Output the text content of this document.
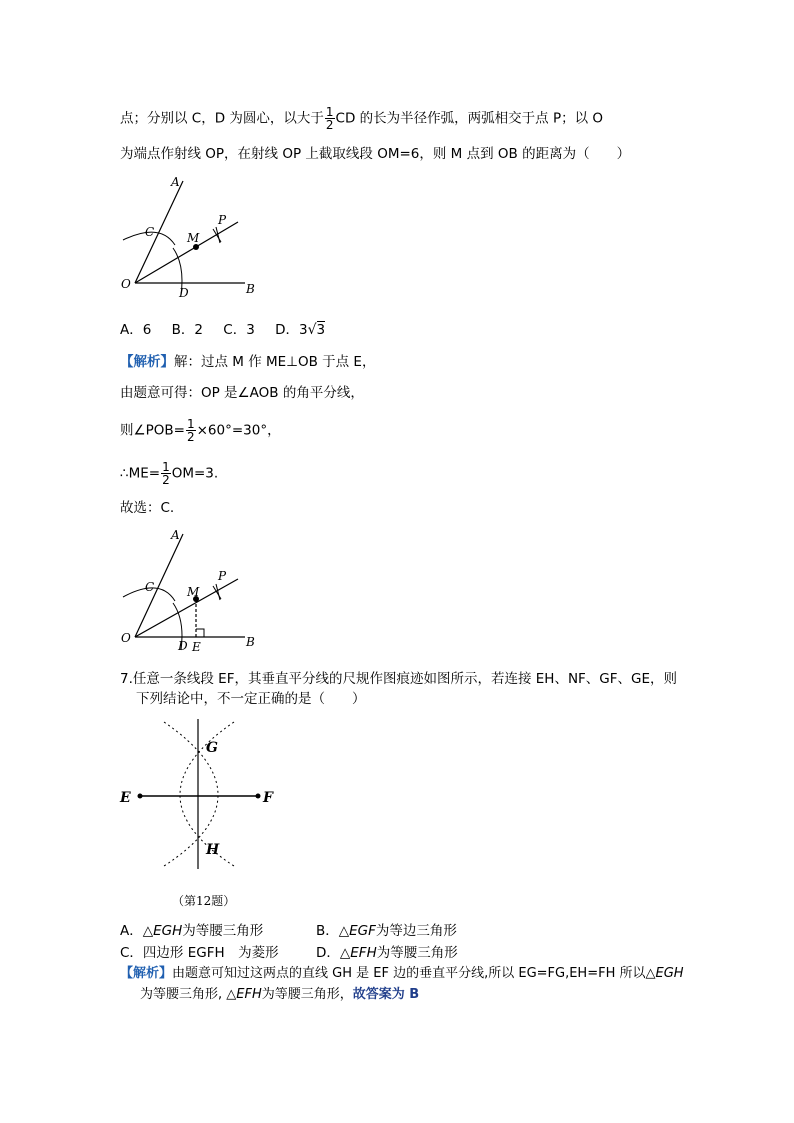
点；分别以 C，D 为圆心，以大于 $\frac{1}{2}$ CD 的长为半径作弧，两弧相交于点 P；以 O
为端点作射线 OP，在射线 OP 上截取线段 OM=6，则 M 点到 OB 的距离为（　　）
A
C
P
M
O
D	B
A．6 B．2 C．3 D．3√3
【解析】解：过点 M 作 ME⊥OB 于点 E，
由题意可得：OP 是∠AOB 的角平分线，
则∠POB= $\frac{1}{2} \times 60^\circ=30^\circ$，
∴ME= $\frac{1}{2} OM=3$.
故选：C.
A
C
P
M
O
D E	B
7.任意一条线段 EF，其垂直平分线的尺规作图痕迹如图所示，若连接 EH、NF、GF、GE，则
下列结论中，不一定正确的是（　　）
G
E	F
H
（第12题）
A．△EGH为等腰三角形	B．△EGF为等边三角形
C．四边形 EGFH　为菱形	D．△EFH为等腰三角形
【解析】由题意可知过这两点的直线 GH 是 EF 边的垂直平分线,所以 EG=FG,EH=FH 所以△EGH
为等腰三角形, △EFH为等腰三角形，故答案为 B
